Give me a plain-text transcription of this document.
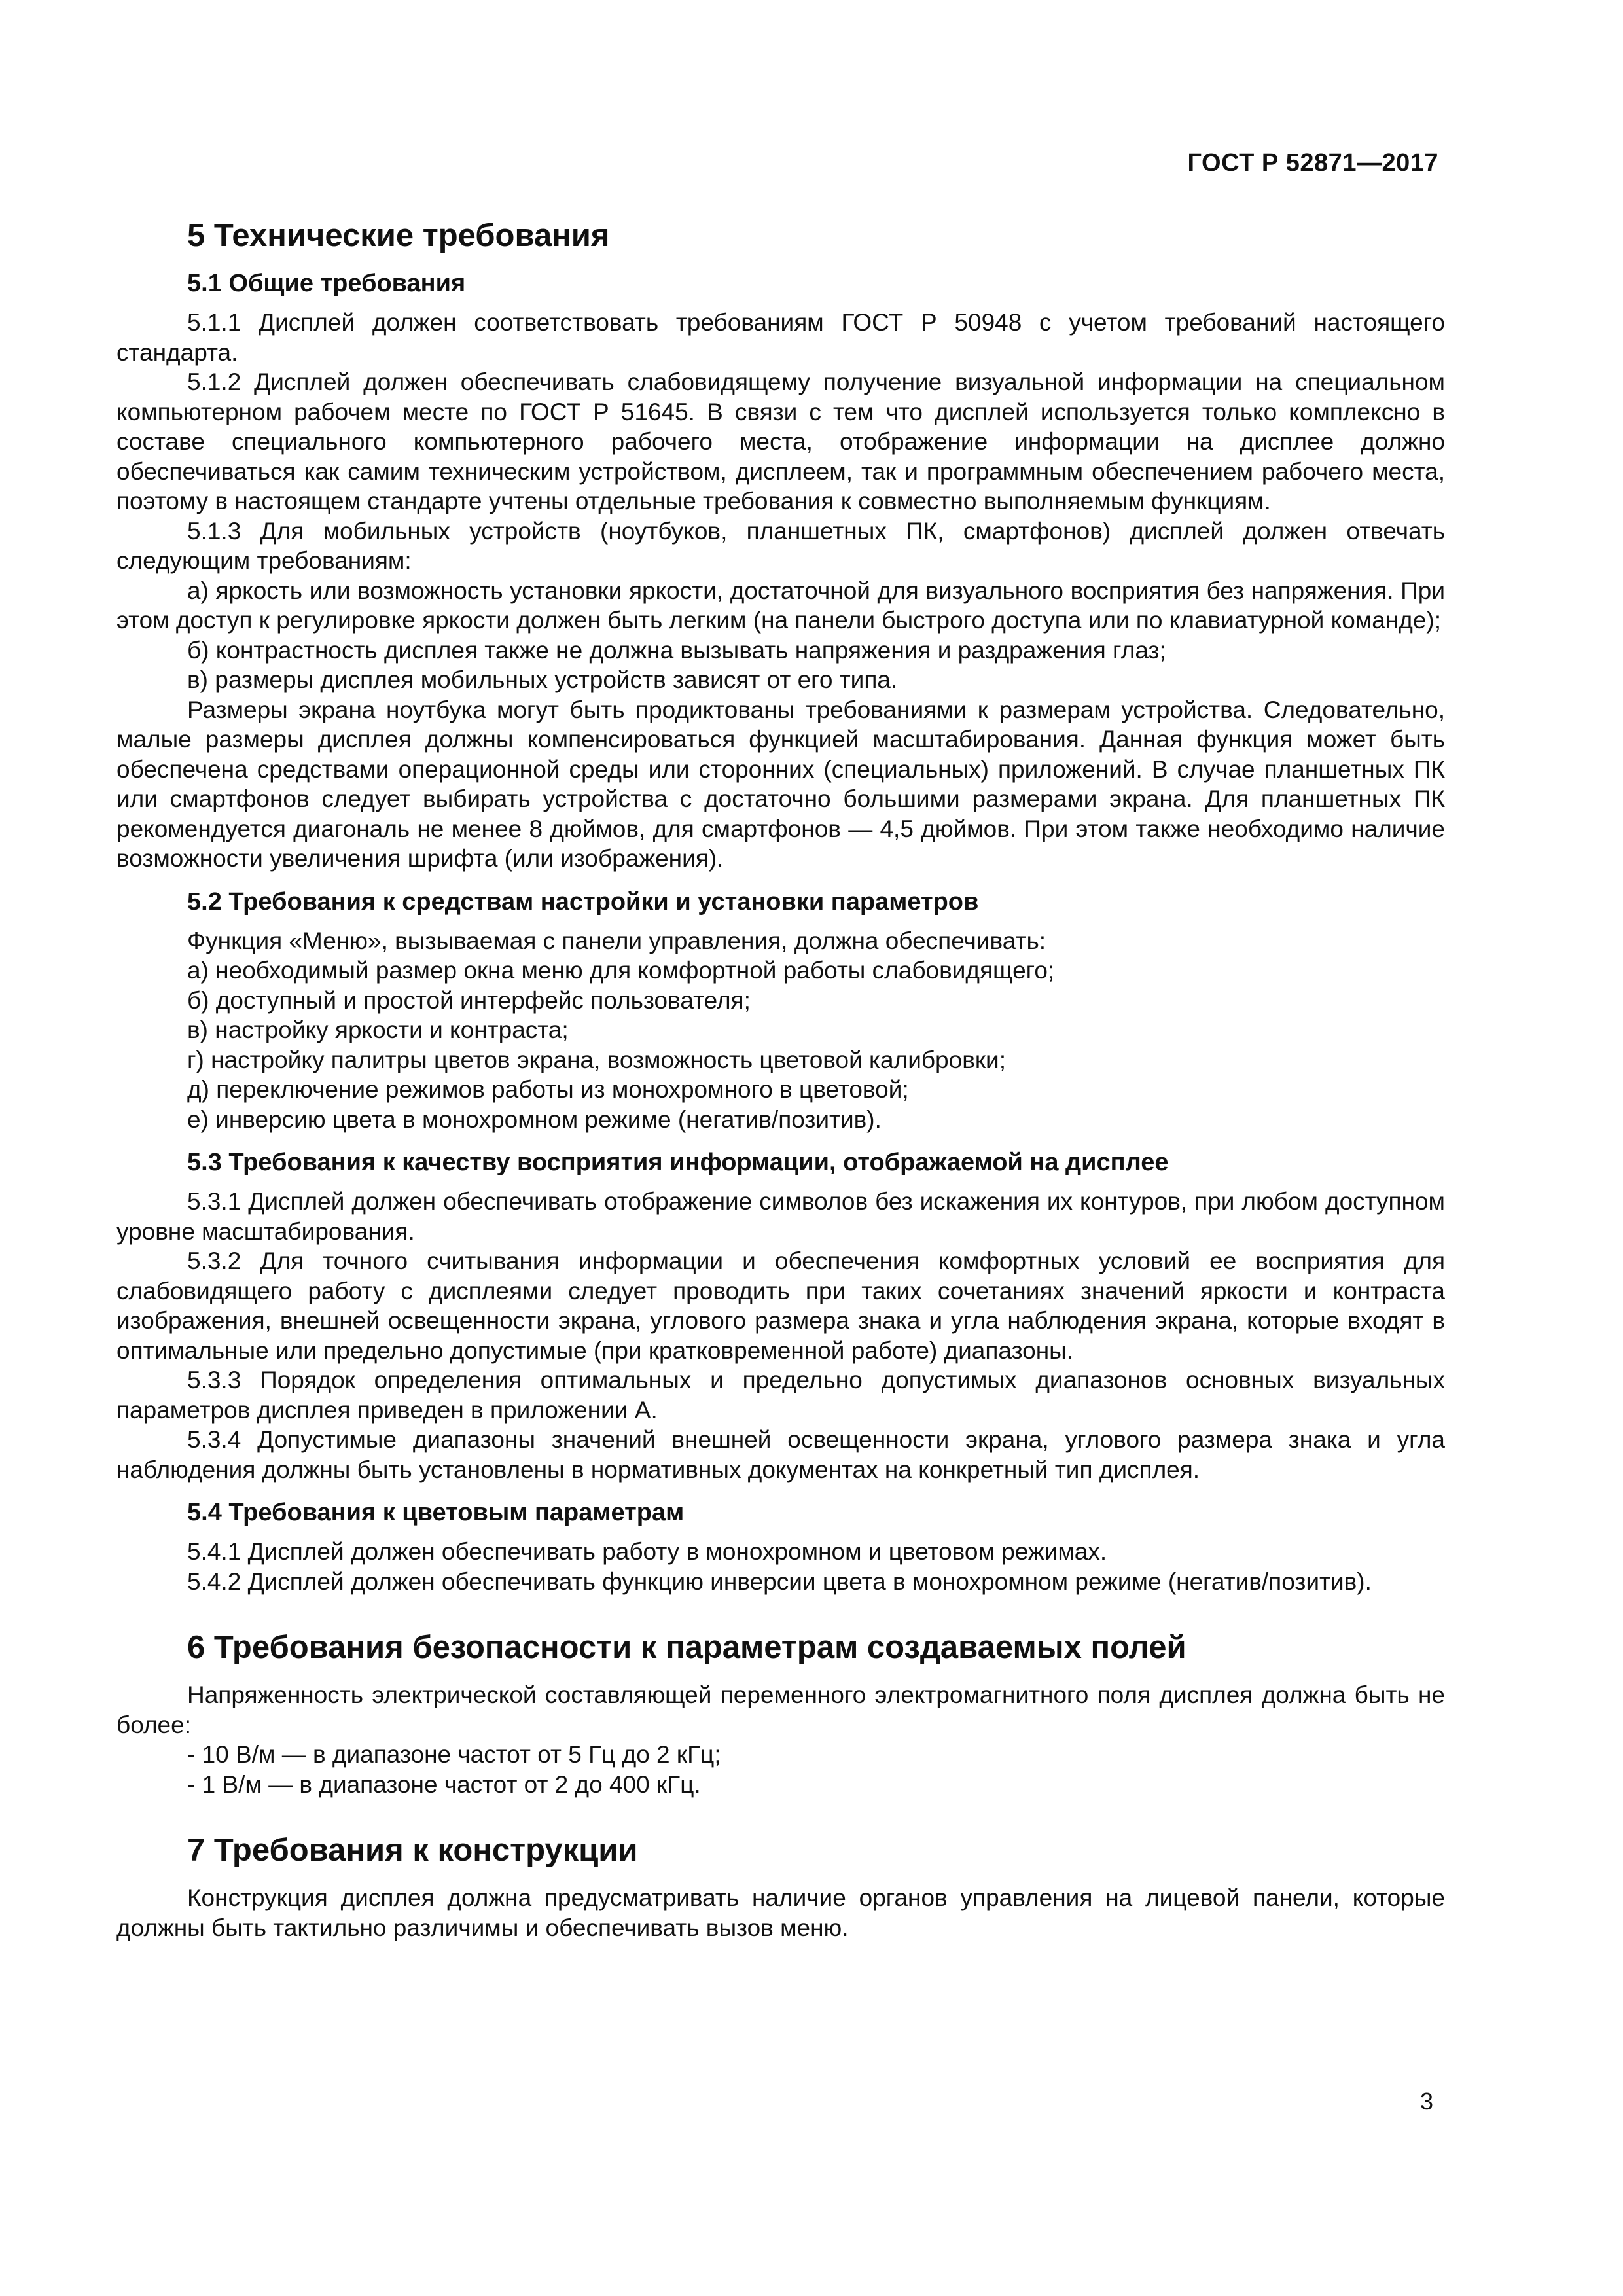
ГОСТ Р 52871—2017
5 Технические требования
5.1 Общие требования

5.1.1 Дисплей должен соответствовать требованиям ГОСТ Р 50948 с учетом требований настоящего стандарта.

5.1.2 Дисплей должен обеспечивать слабовидящему получение визуальной информации на специальном компьютерном рабочем месте по ГОСТ Р 51645. В связи с тем что дисплей используется только комплексно в составе специального компьютерного рабочего места, отображение информации на дисплее должно обеспечиваться как самим техническим устройством, дисплеем, так и программным обеспечением рабочего места, поэтому в настоящем стандарте учтены отдельные требования к совместно выполняемым функциям.

5.1.3 Для мобильных устройств (ноутбуков, планшетных ПК, смартфонов) дисплей должен отвечать следующим требованиям:

а) яркость или возможность установки яркости, достаточной для визуального восприятия без напряжения. При этом доступ к регулировке яркости должен быть легким (на панели быстрого доступа или по клавиатурной команде);

б) контрастность дисплея также не должна вызывать напряжения и раздражения глаз;

в) размеры дисплея мобильных устройств зависят от его типа.

Размеры экрана ноутбука могут быть продиктованы требованиями к размерам устройства. Следовательно, малые размеры дисплея должны компенсироваться функцией масштабирования. Данная функция может быть обеспечена средствами операционной среды или сторонних (специальных) приложений. В случае планшетных ПК или смартфонов следует выбирать устройства с достаточно большими размерами экрана. Для планшетных ПК рекомендуется диагональ не менее 8 дюймов, для смартфонов — 4,5 дюймов. При этом также необходимо наличие возможности увеличения шрифта (или изображения).

5.2 Требования к средствам настройки и установки параметров

Функция «Меню», вызываемая с панели управления, должна обеспечивать:

а) необходимый размер окна меню для комфортной работы слабовидящего;

б) доступный и простой интерфейс пользователя;

в) настройку яркости и контраста;

г) настройку палитры цветов экрана, возможность цветовой калибровки;

д) переключение режимов работы из монохромного в цветовой;

е) инверсию цвета в монохромном режиме (негатив/позитив).

5.3 Требования к качеству восприятия информации, отображаемой на дисплее

5.3.1 Дисплей должен обеспечивать отображение символов без искажения их контуров, при любом доступном уровне масштабирования.

5.3.2 Для точного считывания информации и обеспечения комфортных условий ее восприятия для слабовидящего работу с дисплеями следует проводить при таких сочетаниях значений яркости и контраста изображения, внешней освещенности экрана, углового размера знака и угла наблюдения экрана, которые входят в оптимальные или предельно допустимые (при кратковременной работе) диапазоны.

5.3.3 Порядок определения оптимальных и предельно допустимых диапазонов основных визуальных параметров дисплея приведен в приложении А.

5.3.4 Допустимые диапазоны значений внешней освещенности экрана, углового размера знака и угла наблюдения должны быть установлены в нормативных документах на конкретный тип дисплея.

5.4 Требования к цветовым параметрам

5.4.1 Дисплей должен обеспечивать работу в монохромном и цветовом режимах.

5.4.2 Дисплей должен обеспечивать функцию инверсии цвета в монохромном режиме (негатив/позитив).

6 Требования безопасности к параметрам создаваемых полей

Напряженность электрической составляющей переменного электромагнитного поля дисплея должна быть не более:

- 10 В/м — в диапазоне частот от 5 Гц до 2 кГц;

- 1 В/м — в диапазоне частот от 2 до 400 кГц.

7 Требования к конструкции

Конструкция дисплея должна предусматривать наличие органов управления на лицевой панели, которые должны быть тактильно различимы и обеспечивать вызов меню.

3
